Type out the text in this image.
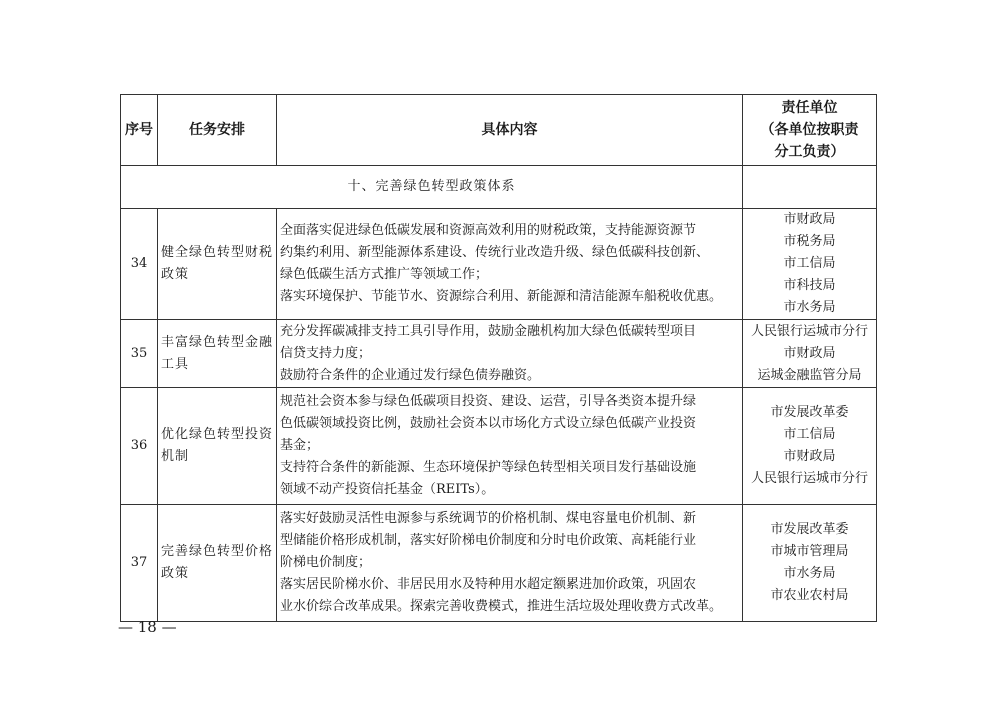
序号	任务安排	具体内容	责任单位
（各单位按职责
分工负责）

十、完善绿色转型政策体系			
34	健全绿色转型财税政策	全面落实促进绿色低碳发展和资源高效利用的财税政策，支持能源资源节
约集约利用、新型能源体系建设、传统行业改造升级、绿色低碳科技创新、
绿色低碳生活方式推广等领域工作；
落实环境保护、节能节水、资源综合利用、新能源和清洁能源车船税收优惠。	市财政局
市税务局
市工信局
市科技局
市水务局

35	丰富绿色转型金融工具	充分发挥碳减排支持工具引导作用，鼓励金融机构加大绿色低碳转型项目
信贷支持力度；
鼓励符合条件的企业通过发行绿色债券融资。	人民银行运城市分行
市财政局
运城金融监管分局

36	优化绿色转型投资机制	规范社会资本参与绿色低碳项目投资、建设、运营，引导各类资本提升绿
色低碳领域投资比例，鼓励社会资本以市场化方式设立绿色低碳产业投资
基金；
支持符合条件的新能源、生态环境保护等绿色转型相关项目发行基础设施
领域不动产投资信托基金（REITs）。	市发展改革委
市工信局
市财政局
人民银行运城市分行

37	完善绿色转型价格政策	落实好鼓励灵活性电源参与系统调节的价格机制、煤电容量电价机制、新
型储能价格形成机制，落实好阶梯电价制度和分时电价政策、高耗能行业
阶梯电价制度；
落实居民阶梯水价、非居民用水及特种用水超定额累进加价政策，巩固农
业水价综合改革成果。探索完善收费模式，推进生活垃圾处理收费方式改革。	市发展改革委
市城市管理局
市水务局
市农业农村局
— 18 —
